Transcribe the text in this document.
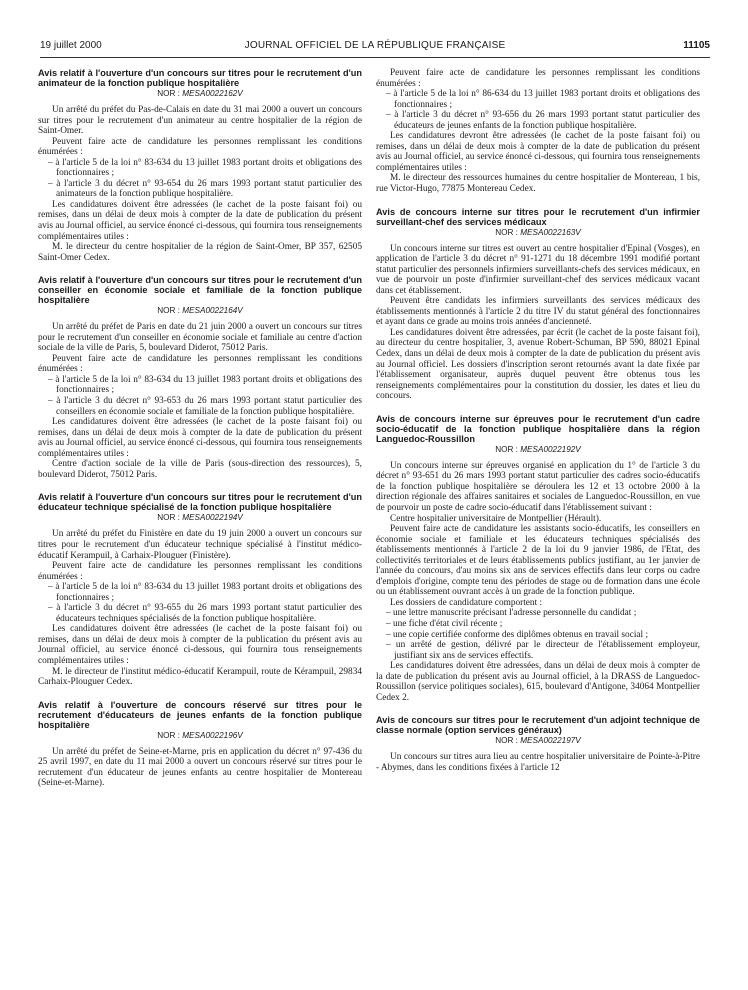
19 juillet 2000	JOURNAL OFFICIEL DE LA RÉPUBLIQUE FRANÇAISE	11105
Avis relatif à l'ouverture d'un concours sur titres pour le recrutement d'un animateur de la fonction publique hospitalière
NOR : MESA0022162V

Un arrêté du préfet du Pas-de-Calais en date du 31 mai 2000 a ouvert un concours sur titres pour le recrutement d'un animateur au centre hospitalier de la région de Saint-Omer.

Peuvent faire acte de candidature les personnes remplissant les conditions énumérées :

– à l'article 5 de la loi n° 83-634 du 13 juillet 1983 portant droits et obligations des fonctionnaires ;
– à l'article 3 du décret n° 93-654 du 26 mars 1993 portant statut particulier des animateurs de la fonction publique hospitalière.

Les candidatures doivent être adressées (le cachet de la poste faisant foi) ou remises, dans un délai de deux mois à compter de la date de publication du présent avis au Journal officiel, au service énoncé ci-dessous, qui fournira tous renseignements complémentaires utiles :

M. le directeur du centre hospitalier de la région de Saint-Omer, BP 357, 62505 Saint-Omer Cedex.

Avis relatif à l'ouverture d'un concours sur titres pour le recrutement d'un conseiller en économie sociale et familiale de la fonction publique hospitalière
NOR : MESA0022164V

Un arrêté du préfet de Paris en date du 21 juin 2000 a ouvert un concours sur titres pour le recrutement d'un conseiller en économie sociale et familiale au centre d'action sociale de la ville de Paris, 5, boulevard Diderot, 75012 Paris.

Peuvent faire acte de candidature les personnes remplissant les conditions énumérées :

– à l'article 5 de la loi n° 83-634 du 13 juillet 1983 portant droits et obligations des fonctionnaires ;
– à l'article 3 du décret n° 93-653 du 26 mars 1993 portant statut particulier des conseillers en économie sociale et familiale de la fonction publique hospitalière.

Les candidatures doivent être adressées (le cachet de la poste faisant foi) ou remises, dans un délai de deux mois à compter de la date de publication du présent avis au Journal officiel, au service énoncé ci-dessous, qui fournira tous renseignements complémentaires utiles :

Centre d'action sociale de la ville de Paris (sous-direction des ressources), 5, boulevard Diderot, 75012 Paris.

Avis relatif à l'ouverture d'un concours sur titres pour le recrutement d'un éducateur technique spécialisé de la fonction publique hospitalière
NOR : MESA0022194V

Un arrêté du préfet du Finistère en date du 19 juin 2000 a ouvert un concours sur titres pour le recrutement d'un éducateur technique spécialisé à l'institut médico-éducatif Kerampuil, à Carhaix-Plouguer (Finistère).

Peuvent faire acte de candidature les personnes remplissant les conditions énumérées :

– à l'article 5 de la loi n° 83-634 du 13 juillet 1983 portant droits et obligations des fonctionnaires ;
– à l'article 3 du décret n° 93-655 du 26 mars 1993 portant statut particulier des éducateurs techniques spécialisés de la fonction publique hospitalière.

Les candidatures doivent être adressées (le cachet de la poste faisant foi) ou remises, dans un délai de deux mois à compter de la publication du présent avis au Journal officiel, au service énoncé ci-dessous, qui fournira tous renseignements complémentaires utiles :

M. le directeur de l'institut médico-éducatif Kerampuil, route de Kérampuil, 29834 Carhaix-Plouguer Cedex.

Avis relatif à l'ouverture de concours réservé sur titres pour le recrutement d'éducateurs de jeunes enfants de la fonction publique hospitalière
NOR : MESA0022196V

Un arrêté du préfet de Seine-et-Marne, pris en application du décret n° 97-436 du 25 avril 1997, en date du 11 mai 2000 a ouvert un concours réservé sur titres pour le recrutement d'un éducateur de jeunes enfants au centre hospitalier de Montereau (Seine-et-Marne).

Peuvent faire acte de candidature les personnes remplissant les conditions énumérées :

– à l'article 5 de la loi n° 86-634 du 13 juillet 1983 portant droits et obligations des fonctionnaires ;
– à l'article 3 du décret n° 93-656 du 26 mars 1993 portant statut particulier des éducateurs de jeunes enfants de la fonction publique hospitalière.

Les candidatures devront être adressées (le cachet de la poste faisant foi) ou remises, dans un délai de deux mois à compter de la date de publication du présent avis au Journal officiel, au service énoncé ci-dessous, qui fournira tous renseignements complémentaires utiles :

M. le directeur des ressources humaines du centre hospitalier de Montereau, 1 bis, rue Victor-Hugo, 77875 Montereau Cedex.

Avis de concours interne sur titres pour le recrutement d'un infirmier surveillant-chef des services médicaux
NOR : MESA0022163V

Un concours interne sur titres est ouvert au centre hospitalier d'Epinal (Vosges), en application de l'article 3 du décret n° 91-1271 du 18 décembre 1991 modifié portant statut particulier des personnels infirmiers surveillants-chefs des services médicaux, en vue de pourvoir un poste d'infirmier surveillant-chef des services médicaux vacant dans cet établissement.

Peuvent être candidats les infirmiers surveillants des services médicaux des établissements mentionnés à l'article 2 du titre IV du statut général des fonctionnaires et ayant dans ce grade au moins trois années d'ancienneté.

Les candidatures doivent être adressées, par écrit (le cachet de la poste faisant foi), au directeur du centre hospitalier, 3, avenue Robert-Schuman, BP 590, 88021 Epinal Cedex, dans un délai de deux mois à compter de la date de publication du présent avis au Journal officiel. Les dossiers d'inscription seront retournés avant la date fixée par l'établissement organisateur, auprès duquel peuvent être obtenus tous les renseignements complémentaires pour la constitution du dossier, les dates et lieu du concours.

Avis de concours interne sur épreuves pour le recrutement d'un cadre socio-éducatif de la fonction publique hospitalière dans la région Languedoc-Roussillon
NOR : MESA0022192V

Un concours interne sur épreuves organisé en application du 1° de l'article 3 du décret n° 93-651 du 26 mars 1993 portant statut particulier des cadres socio-éducatifs de la fonction publique hospitalière se déroulera les 12 et 13 octobre 2000 à la direction régionale des affaires sanitaires et sociales de Languedoc-Roussillon, en vue de pourvoir un poste de cadre socio-éducatif dans l'établissement suivant :

Centre hospitalier universitaire de Montpellier (Hérault).

Peuvent faire acte de candidature les assistants socio-éducatifs, les conseillers en économie sociale et familiale et les éducateurs techniques spécialisés des établissements mentionnés à l'article 2 de la loi du 9 janvier 1986, de l'Etat, des collectivités territoriales et de leurs établissements publics justifiant, au 1er janvier de l'année du concours, d'au moins six ans de services effectifs dans leur corps ou cadre d'emplois d'origine, compte tenu des périodes de stage ou de formation dans une école ou un établissement ouvrant accès à un grade de la fonction publique.

Les dossiers de candidature comportent :

– une lettre manuscrite précisant l'adresse personnelle du candidat ;
– une fiche d'état civil récente ;
– une copie certifiée conforme des diplômes obtenus en travail social ;
– un arrêté de gestion, délivré par le directeur de l'établissement employeur, justifiant six ans de services effectifs.

Les candidatures doivent être adressées, dans un délai de deux mois à compter de la date de publication du présent avis au Journal officiel, à la DRASS de Languedoc-Roussillon (service politiques sociales), 615, boulevard d'Antigone, 34064 Montpellier Cedex 2.

Avis de concours sur titres pour le recrutement d'un adjoint technique de classe normale (option services généraux)
NOR : MESA0022197V

Un concours sur titres aura lieu au centre hospitalier universitaire de Pointe-à-Pitre - Abymes, dans les conditions fixées à l'article 12
